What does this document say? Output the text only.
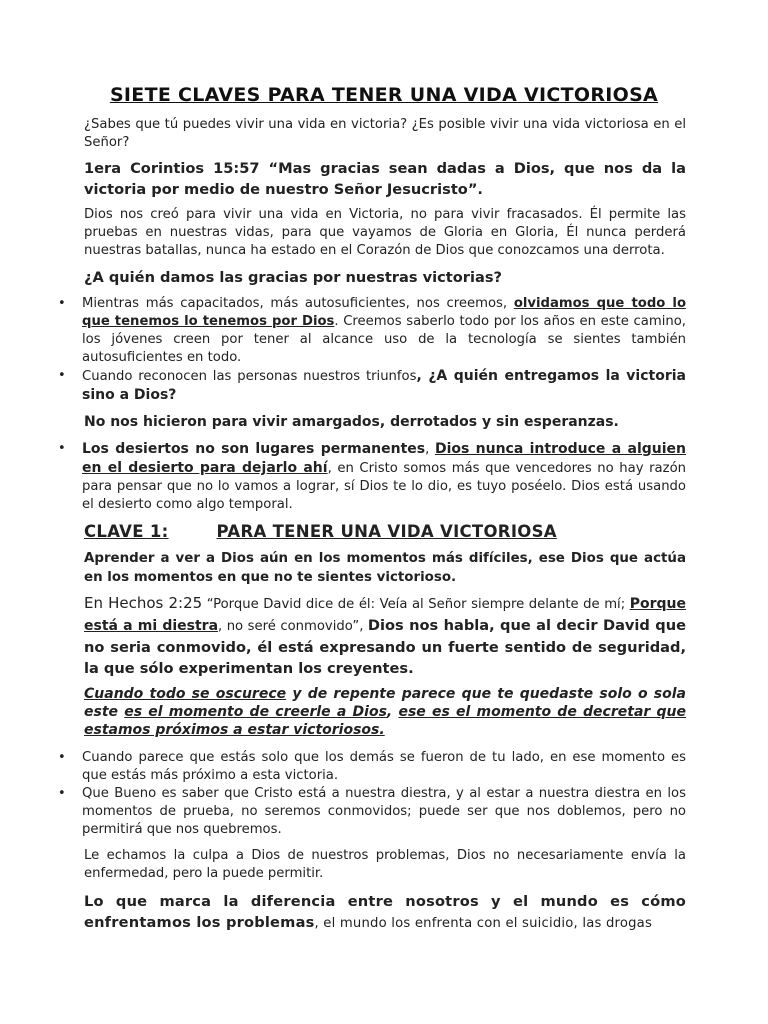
SIETE CLAVES PARA TENER UNA VIDA VICTORIOSA

¿Sabes que tú puedes vivir una vida en victoria? ¿Es posible vivir una vida victoriosa en el Señor?

1era Corintios 15:57 “Mas gracias sean dadas a Dios, que nos da la victoria por medio de nuestro Señor Jesucristo”.

Dios nos creó para vivir una vida en Victoria, no para vivir fracasados. Él permite las pruebas en nuestras vidas, para que vayamos de Gloria en Gloria, Él nunca perderá nuestras batallas, nunca ha estado en el Corazón de Dios que conozcamos una derrota.

¿A quién damos las gracias por nuestras victorias?

• Mientras más capacitados, más autosuficientes, nos creemos, olvidamos que todo lo que tenemos lo tenemos por Dios. Creemos saberlo todo por los años en este camino, los jóvenes creen por tener al alcance uso de la tecnología se sientes también autosuficientes en todo.
• Cuando reconocen las personas nuestros triunfos, ¿A quién entregamos la victoria sino a Dios?

No nos hicieron para vivir amargados, derrotados y sin esperanzas.

• Los desiertos no son lugares permanentes, Dios nunca introduce a alguien en el desierto para dejarlo ahí, en Cristo somos más que vencedores no hay razón para pensar que no lo vamos a lograr, sí Dios te lo dio, es tuyo poséelo. Dios está usando el desierto como algo temporal.
CLAVE 1:	PARA TENER UNA VIDA VICTORIOSA

Aprender a ver a Dios aún en los momentos más difíciles, ese Dios que actúa en los momentos en que no te sientes victorioso.

En Hechos 2:25 “Porque David dice de él: Veía al Señor siempre delante de mí; Porque está a mi diestra, no seré conmovido”, Dios nos habla, que al decir David que no seria conmovido, él está expresando un fuerte sentido de seguridad, la que sólo experimentan los creyentes.

Cuando todo se oscurece y de repente parece que te quedaste solo o sola este es el momento de creerle a Dios, ese es el momento de decretar que estamos próximos a estar victoriosos.

• Cuando parece que estás solo que los demás se fueron de tu lado, en ese momento es que estás más próximo a esta victoria.
• Que Bueno es saber que Cristo está a nuestra diestra, y al estar a nuestra diestra en los momentos de prueba, no seremos conmovidos; puede ser que nos doblemos, pero no permitirá que nos quebremos.

Le echamos la culpa a Dios de nuestros problemas, Dios no necesariamente envía la enfermedad, pero la puede permitir.

Lo que marca la diferencia entre nosotros y el mundo es cómo enfrentamos los problemas, el mundo los enfrenta con el suicidio, las drogas
